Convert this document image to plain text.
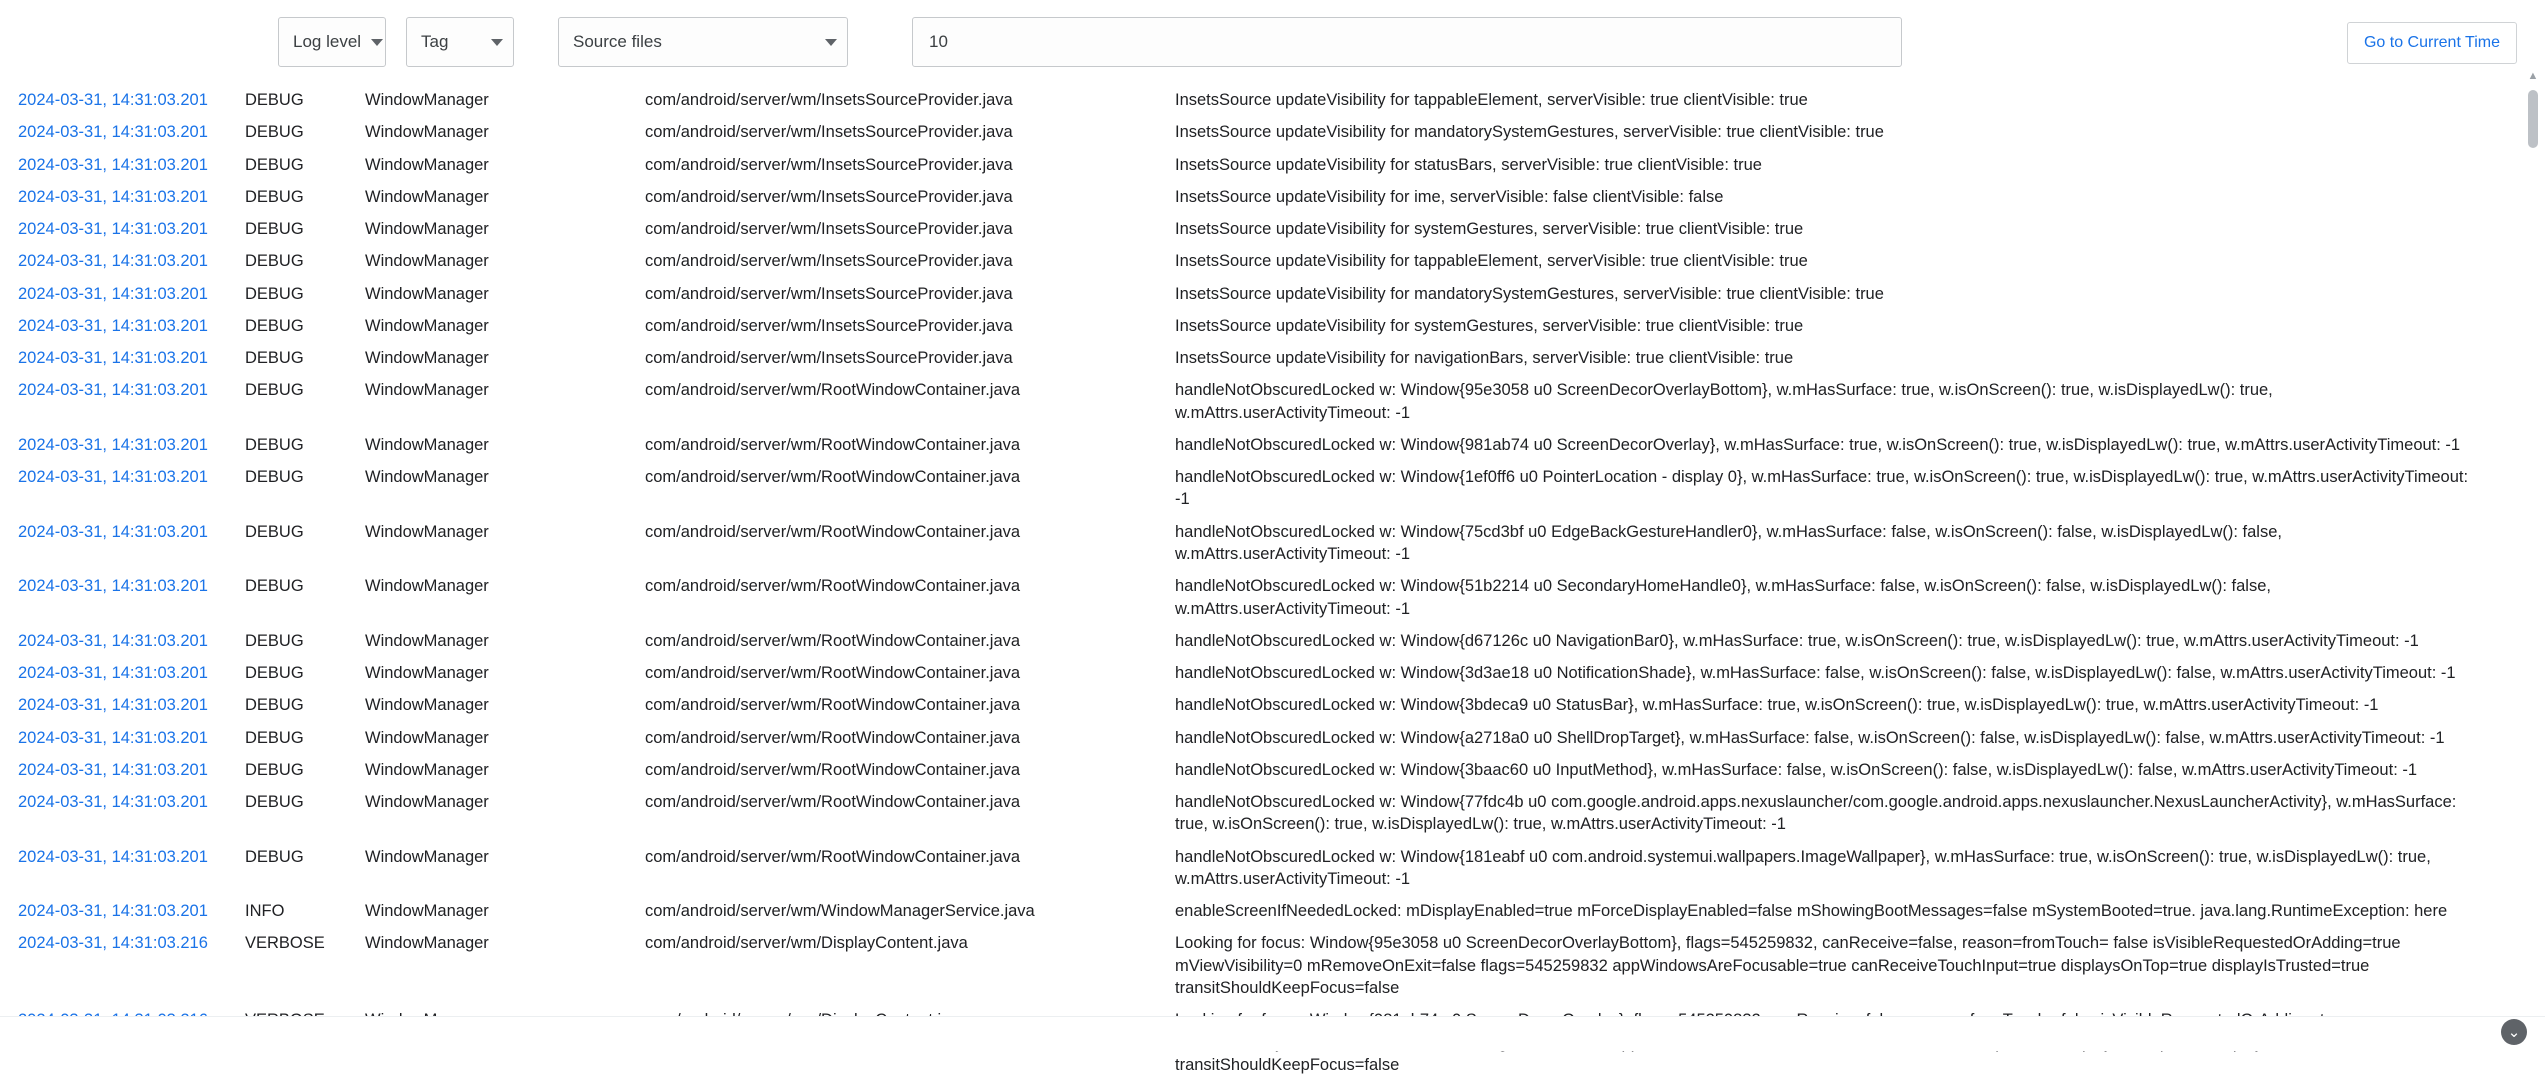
Log level	Tag	Source files
10	Go to Current Time
2024-03-31, 14:31:03.201	DEBUG	WindowManager	com/android/server/wm/InsetsSourceProvider.java	InsetsSource updateVisibility for tappableElement, serverVisible: true clientVisible: true
2024-03-31, 14:31:03.201	DEBUG	WindowManager	com/android/server/wm/InsetsSourceProvider.java	InsetsSource updateVisibility for mandatorySystemGestures, serverVisible: true clientVisible: true
2024-03-31, 14:31:03.201	DEBUG	WindowManager	com/android/server/wm/InsetsSourceProvider.java	InsetsSource updateVisibility for statusBars, serverVisible: true clientVisible: true
2024-03-31, 14:31:03.201	DEBUG	WindowManager	com/android/server/wm/InsetsSourceProvider.java	InsetsSource updateVisibility for ime, serverVisible: false clientVisible: false
2024-03-31, 14:31:03.201	DEBUG	WindowManager	com/android/server/wm/InsetsSourceProvider.java	InsetsSource updateVisibility for systemGestures, serverVisible: true clientVisible: true
2024-03-31, 14:31:03.201	DEBUG	WindowManager	com/android/server/wm/InsetsSourceProvider.java	InsetsSource updateVisibility for tappableElement, serverVisible: true clientVisible: true
2024-03-31, 14:31:03.201	DEBUG	WindowManager	com/android/server/wm/InsetsSourceProvider.java	InsetsSource updateVisibility for mandatorySystemGestures, serverVisible: true clientVisible: true
2024-03-31, 14:31:03.201	DEBUG	WindowManager	com/android/server/wm/InsetsSourceProvider.java	InsetsSource updateVisibility for systemGestures, serverVisible: true clientVisible: true
2024-03-31, 14:31:03.201	DEBUG	WindowManager	com/android/server/wm/InsetsSourceProvider.java	InsetsSource updateVisibility for navigationBars, serverVisible: true clientVisible: true
2024-03-31, 14:31:03.201	DEBUG	WindowManager	com/android/server/wm/RootWindowContainer.java	handleNotObscuredLocked w: Window{95e3058 u0 ScreenDecorOverlayBottom}, w.mHasSurface: true, w.isOnScreen(): true, w.isDisplayedLw(): true, w.mAttrs.userActivityTimeout: -1
2024-03-31, 14:31:03.201	DEBUG	WindowManager	com/android/server/wm/RootWindowContainer.java	handleNotObscuredLocked w: Window{981ab74 u0 ScreenDecorOverlay}, w.mHasSurface: true, w.isOnScreen(): true, w.isDisplayedLw(): true, w.mAttrs.userActivityTimeout: -1
2024-03-31, 14:31:03.201	DEBUG	WindowManager	com/android/server/wm/RootWindowContainer.java	handleNotObscuredLocked w: Window{1ef0ff6 u0 PointerLocation - display 0}, w.mHasSurface: true, w.isOnScreen(): true, w.isDisplayedLw(): true, w.mAttrs.userActivityTimeout: -1
2024-03-31, 14:31:03.201	DEBUG	WindowManager	com/android/server/wm/RootWindowContainer.java	handleNotObscuredLocked w: Window{75cd3bf u0 EdgeBackGestureHandler0}, w.mHasSurface: false, w.isOnScreen(): false, w.isDisplayedLw(): false, w.mAttrs.userActivityTimeout: -1
2024-03-31, 14:31:03.201	DEBUG	WindowManager	com/android/server/wm/RootWindowContainer.java	handleNotObscuredLocked w: Window{51b2214 u0 SecondaryHomeHandle0}, w.mHasSurface: false, w.isOnScreen(): false, w.isDisplayedLw(): false, w.mAttrs.userActivityTimeout: -1
2024-03-31, 14:31:03.201	DEBUG	WindowManager	com/android/server/wm/RootWindowContainer.java	handleNotObscuredLocked w: Window{d67126c u0 NavigationBar0}, w.mHasSurface: true, w.isOnScreen(): true, w.isDisplayedLw(): true, w.mAttrs.userActivityTimeout: -1
2024-03-31, 14:31:03.201	DEBUG	WindowManager	com/android/server/wm/RootWindowContainer.java	handleNotObscuredLocked w: Window{3d3ae18 u0 NotificationShade}, w.mHasSurface: false, w.isOnScreen(): false, w.isDisplayedLw(): false, w.mAttrs.userActivityTimeout: -1
2024-03-31, 14:31:03.201	DEBUG	WindowManager	com/android/server/wm/RootWindowContainer.java	handleNotObscuredLocked w: Window{3bdeca9 u0 StatusBar}, w.mHasSurface: true, w.isOnScreen(): true, w.isDisplayedLw(): true, w.mAttrs.userActivityTimeout: -1
2024-03-31, 14:31:03.201	DEBUG	WindowManager	com/android/server/wm/RootWindowContainer.java	handleNotObscuredLocked w: Window{a2718a0 u0 ShellDropTarget}, w.mHasSurface: false, w.isOnScreen(): false, w.isDisplayedLw(): false, w.mAttrs.userActivityTimeout: -1
2024-03-31, 14:31:03.201	DEBUG	WindowManager	com/android/server/wm/RootWindowContainer.java	handleNotObscuredLocked w: Window{3baac60 u0 InputMethod}, w.mHasSurface: false, w.isOnScreen(): false, w.isDisplayedLw(): false, w.mAttrs.userActivityTimeout: -1
2024-03-31, 14:31:03.201	DEBUG	WindowManager	com/android/server/wm/RootWindowContainer.java	handleNotObscuredLocked w: Window{77fdc4b u0 com.google.android.apps.nexuslauncher/com.google.android.apps.nexuslauncher.NexusLauncherActivity}, w.mHasSurface: true, w.isOnScreen(): true, w.isDisplayedLw(): true, w.mAttrs.userActivityTimeout: -1
2024-03-31, 14:31:03.201	DEBUG	WindowManager	com/android/server/wm/RootWindowContainer.java	handleNotObscuredLocked w: Window{181eabf u0 com.android.systemui.wallpapers.ImageWallpaper}, w.mHasSurface: true, w.isOnScreen(): true, w.isDisplayedLw(): true, w.mAttrs.userActivityTimeout: -1
2024-03-31, 14:31:03.201	INFO	WindowManager	com/android/server/wm/WindowManagerService.java	enableScreenIfNeededLocked: mDisplayEnabled=true mForceDisplayEnabled=false mShowingBootMessages=false mSystemBooted=true. java.lang.RuntimeException: here
2024-03-31, 14:31:03.216	VERBOSE	WindowManager	com/android/server/wm/DisplayContent.java	Looking for focus: Window{95e3058 u0 ScreenDecorOverlayBottom}, flags=545259832, canReceive=false, reason=fromTouch= false isVisibleRequestedOrAdding=true mViewVisibility=0 mRemoveOnExit=false flags=545259832 appWindowsAreFocusable=true canReceiveTouchInput=true displaysOnTop=true displayIsTrusted=true transitShouldKeepFocus=false
transitShouldKeepFocus=false
▲
⌄
